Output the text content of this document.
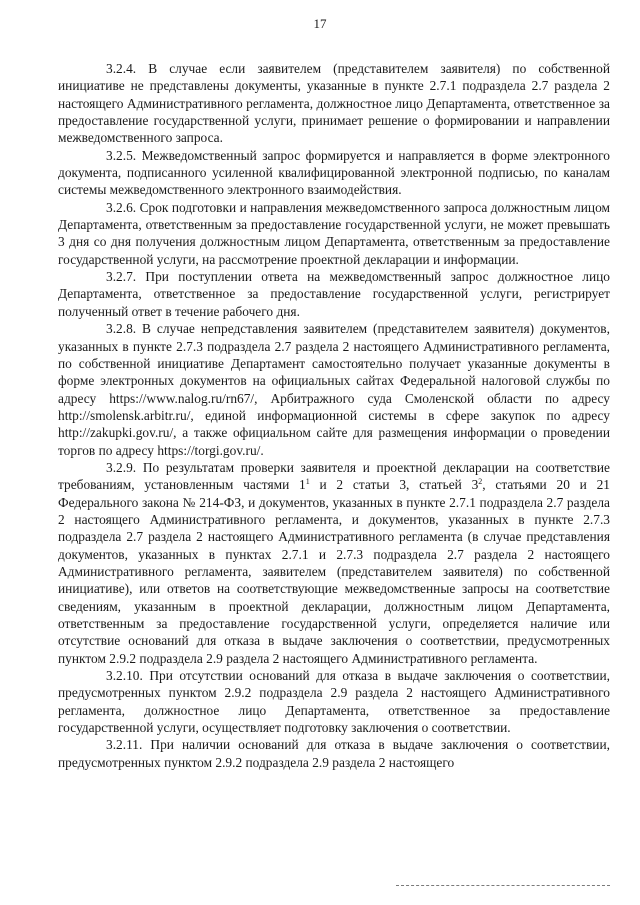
17

3.2.4. В случае если заявителем (представителем заявителя) по собственной инициативе не представлены документы, указанные в пункте 2.7.1 подраздела 2.7 раздела 2 настоящего Административного регламента, должностное лицо Департамента, ответственное за предоставление государственной услуги, принимает решение о формировании и направлении межведомственного запроса.

3.2.5. Межведомственный запрос формируется и направляется в форме электронного документа, подписанного усиленной квалифицированной электронной подписью, по каналам системы межведомственного электронного взаимодействия.

3.2.6. Срок подготовки и направления межведомственного запроса должностным лицом Департамента, ответственным за предоставление государственной услуги, не может превышать 3 дня со дня получения должностным лицом Департамента, ответственным за предоставление государственной услуги, на рассмотрение проектной декларации и информации.

3.2.7. При поступлении ответа на межведомственный запрос должностное лицо Департамента, ответственное за предоставление государственной услуги, регистрирует полученный ответ в течение рабочего дня.

3.2.8. В случае непредставления заявителем (представителем заявителя) документов, указанных в пункте 2.7.3 подраздела 2.7 раздела 2 настоящего Административного регламента, по собственной инициативе Департамент самостоятельно получает указанные документы в форме электронных документов на официальных сайтах Федеральной налоговой службы по адресу https://www.nalog.ru/rn67/, Арбитражного суда Смоленской области по адресу http://smolensk.arbitr.ru/, единой информационной системы в сфере закупок по адресу http://zakupki.gov.ru/, а также официальном сайте для размещения информации о проведении торгов по адресу https://torgi.gov.ru/.

3.2.9. По результатам проверки заявителя и проектной декларации на соответствие требованиям, установленным частями $1^1$ и 2 статьи 3, статьей $3^2$, статьями 20 и 21 Федерального закона № 214-ФЗ, и документов, указанных в пункте 2.7.1 подраздела 2.7 раздела 2 настоящего Административного регламента, и документов, указанных в пункте 2.7.3 подраздела 2.7 раздела 2 настоящего Административного регламента (в случае представления документов, указанных в пунктах 2.7.1 и 2.7.3 подраздела 2.7 раздела 2 настоящего Административного регламента, заявителем (представителем заявителя) по собственной инициативе), или ответов на соответствующие межведомственные запросы на соответствие сведениям, указанным в проектной декларации, должностным лицом Департамента, ответственным за предоставление государственной услуги, определяется наличие или отсутствие оснований для отказа в выдаче заключения о соответствии, предусмотренных пунктом 2.9.2 подраздела 2.9 раздела 2 настоящего Административного регламента.

3.2.10. При отсутствии оснований для отказа в выдаче заключения о соответствии, предусмотренных пунктом 2.9.2 подраздела 2.9 раздела 2 настоящего Административного регламента, должностное лицо Департамента, ответственное за предоставление государственной услуги, осуществляет подготовку заключения о соответствии.

3.2.11. При наличии оснований для отказа в выдаче заключения о соответствии, предусмотренных пунктом 2.9.2 подраздела 2.9 раздела 2 настоящего
